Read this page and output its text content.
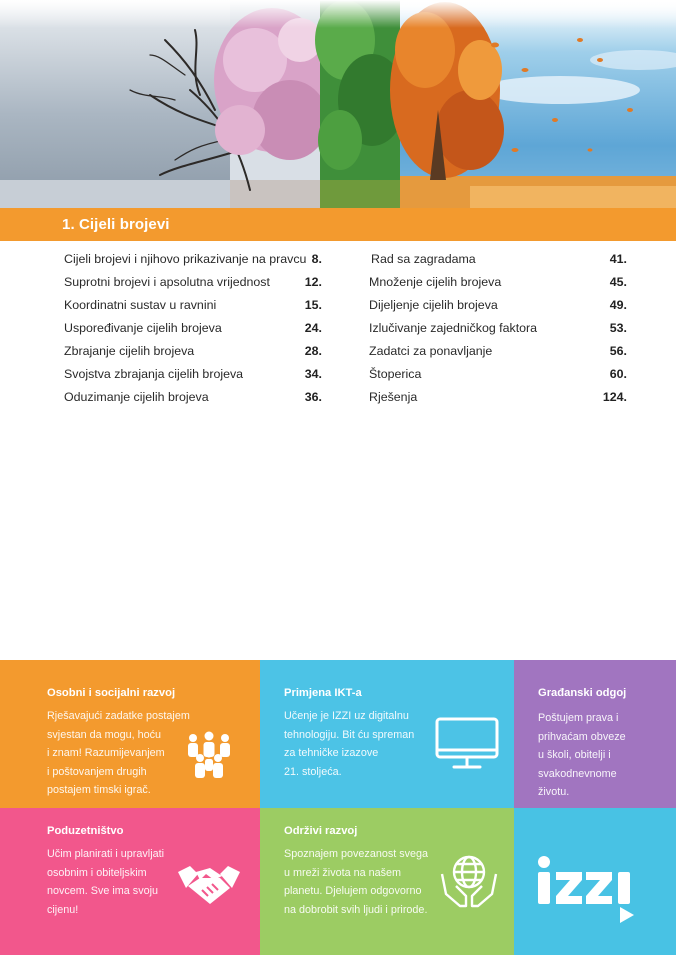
1. Cijeli brojevi
Cijeli brojevi i njihovo prikazivanje na pravcu 8.
Suprotni brojevi i apsolutna vrijednost	12.
Koordinatni sustav u ravnini	15.
Uspoređivanje cijelih brojeva	24.
Zbrajanje cijelih brojeva	28.
Svojstva zbrajanja cijelih brojeva	34.
Oduzimanje cijelih brojeva	36.
Rad sa zagradama	41.
Množenje cijelih brojeva	45.
Dijeljenje cijelih brojeva	49.
Izlučivanje zajedničkog faktora	53.
Zadatci za ponavljanje	56.
Štoperica	60.
Rješenja	124.
Osobni i socijalni razvoj
Rješavajući zadatke postajem
svjestan da mogu, hoću
i znam! Razumijevanjem
i poštovanjem drugih
postajem timski igrač.
Primjena IKT-a
Učenje je IZZI uz digitalnu
tehnologiju. Bit ću spreman
za tehničke izazove
21. stoljeća.
Građanski odgoj
Poštujem prava i
prihvaćam obveze
u školi, obitelji i
svakodnevnome
životu.
Poduzetništvo
Učim planirati i upravljati
osobnim i obiteljskim
novcem. Sve ima svoju
cijenu!
Održivi razvoj
Spoznajem povezanost svega
u mreži života na našem
planetu. Djelujem odgovorno
na dobrobit svih ljudi i prirode.
